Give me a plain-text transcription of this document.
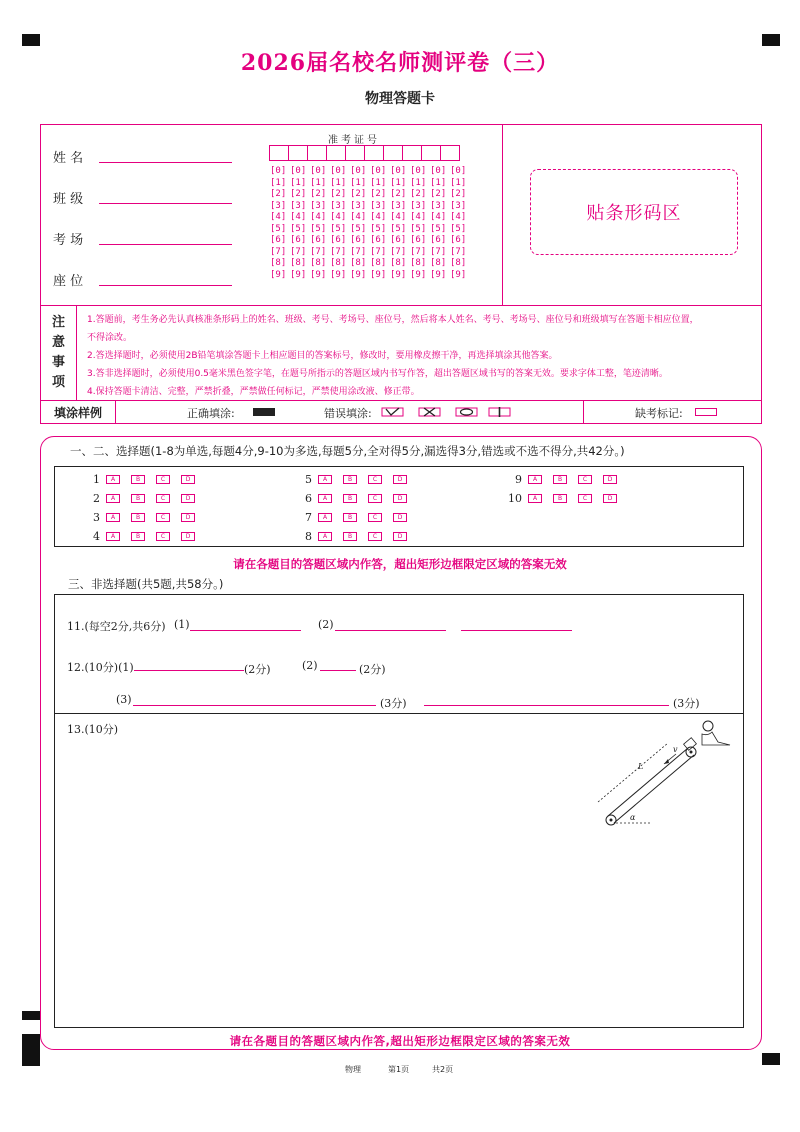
2026届名校名师测评卷（三）
物理答题卡
姓 名
班 级
考 场
座 位
准考证号
[0] [0] [0] [0] [0] [0] [0] [0] [0] [0]
[1] [1] [1] [1] [1] [1] [1] [1] [1] [1]
[2] [2] [2] [2] [2] [2] [2] [2] [2] [2]
[3] [3] [3] [3] [3] [3] [3] [3] [3] [3]
[4] [4] [4] [4] [4] [4] [4] [4] [4] [4]
[5] [5] [5] [5] [5] [5] [5] [5] [5] [5]
[6] [6] [6] [6] [6] [6] [6] [6] [6] [6]
[7] [7] [7] [7] [7] [7] [7] [7] [7] [7]
[8] [8] [8] [8] [8] [8] [8] [8] [8] [8]
[9] [9] [9] [9] [9] [9] [9] [9] [9] [9]
贴条形码区
注
意
事
项
1.答题前，考生务必先认真核准条形码上的姓名、班级、考号、考场号、座位号，然后将本人姓名、考号、考场号、座位号和班级填写在答题卡相应位置，
不得涂改。
2.答选择题时，必须使用2B铅笔填涂答题卡上相应题目的答案标号，修改时，要用橡皮擦干净，再选择填涂其他答案。
3.答非选择题时，必须使用0.5毫米黑色签字笔，在题号所指示的答题区域内书写作答，超出答题区域书写的答案无效。要求字体工整，笔迹清晰。
4.保持答题卡清洁、完整，严禁折叠，严禁做任何标记，严禁使用涂改液、修正带。
填涂样例	正确填涂:	错误填涂:	缺考标记:
一、二、选择题(1-8为单选,每题4分,9-10为多选,每题5分,全对得5分,漏选得3分,错选或不选不得分,共42分。)
1	A	B	C	D
2	A	B	C	D
3	A	B	C	D
4	A	B	C	D
5	A	B	C	D
6	A	B	C	D
7	A	B	C	D
8	A	B	C	D
9	A	B	C	D
10	A	B	C	D
请在各题目的答题区域内作答，超出矩形边框限定区域的答案无效
三、非选择题(共5题,共58分。)
11.(每空2分,共6分) (1)	(2)
12.(10分)(1)	(2分)	(2)	(2分)
(3)	(3分)	(3分)
13.(10分)
v
L
α
请在各题目的答题区域内作答,超出矩形边框限定区域的答案无效
物理	第1页	共2页
